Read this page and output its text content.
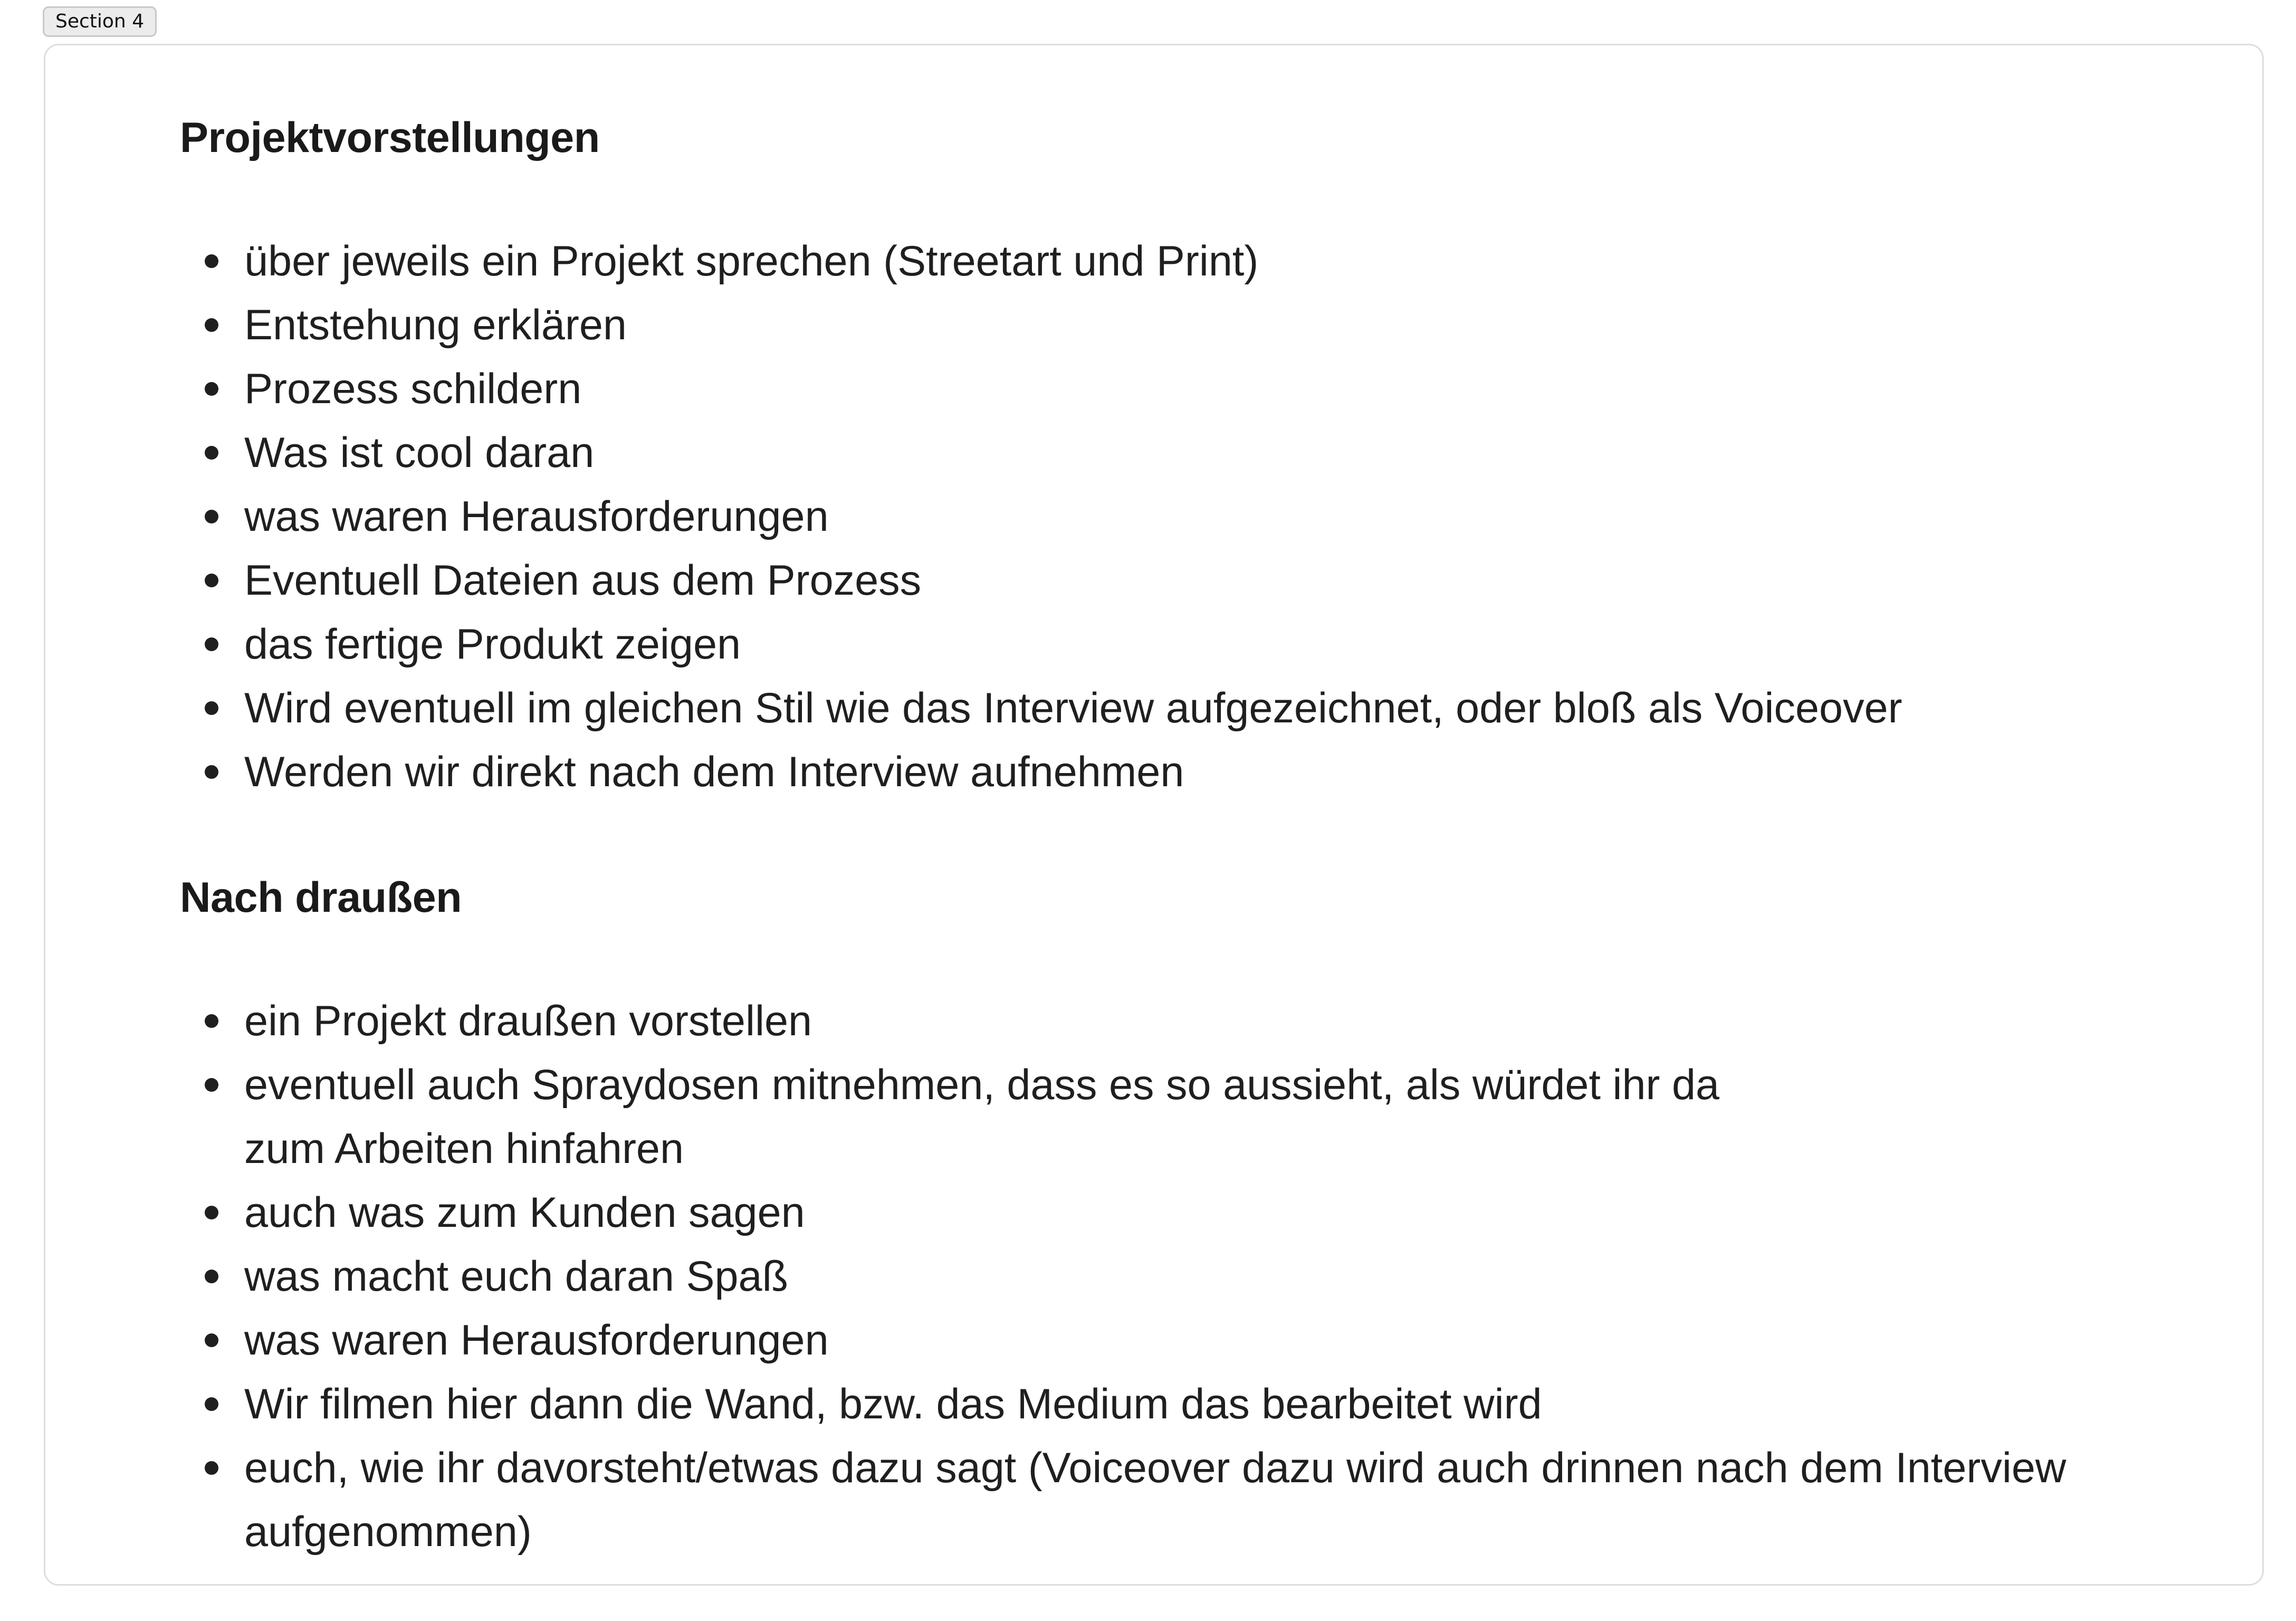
Section 4
Projektvorstellungen
über jeweils ein Projekt sprechen (Streetart und Print)
Entstehung erklären
Prozess schildern
Was ist cool daran
was waren Herausforderungen
Eventuell Dateien aus dem Prozess
das fertige Produkt zeigen
Wird eventuell im gleichen Stil wie das Interview aufgezeichnet, oder bloß als Voiceover
Werden wir direkt nach dem Interview aufnehmen
Nach draußen
ein Projekt draußen vorstellen
eventuell auch Spraydosen mitnehmen, dass es so aussieht, als würdet ihr da zum Arbeiten hinfahren
auch was zum Kunden sagen
was macht euch daran Spaß
was waren Herausforderungen
Wir filmen hier dann die Wand, bzw. das Medium das bearbeitet wird
euch, wie ihr davorsteht/etwas dazu sagt (Voiceover dazu wird auch drinnen nach dem Interview aufgenommen)
